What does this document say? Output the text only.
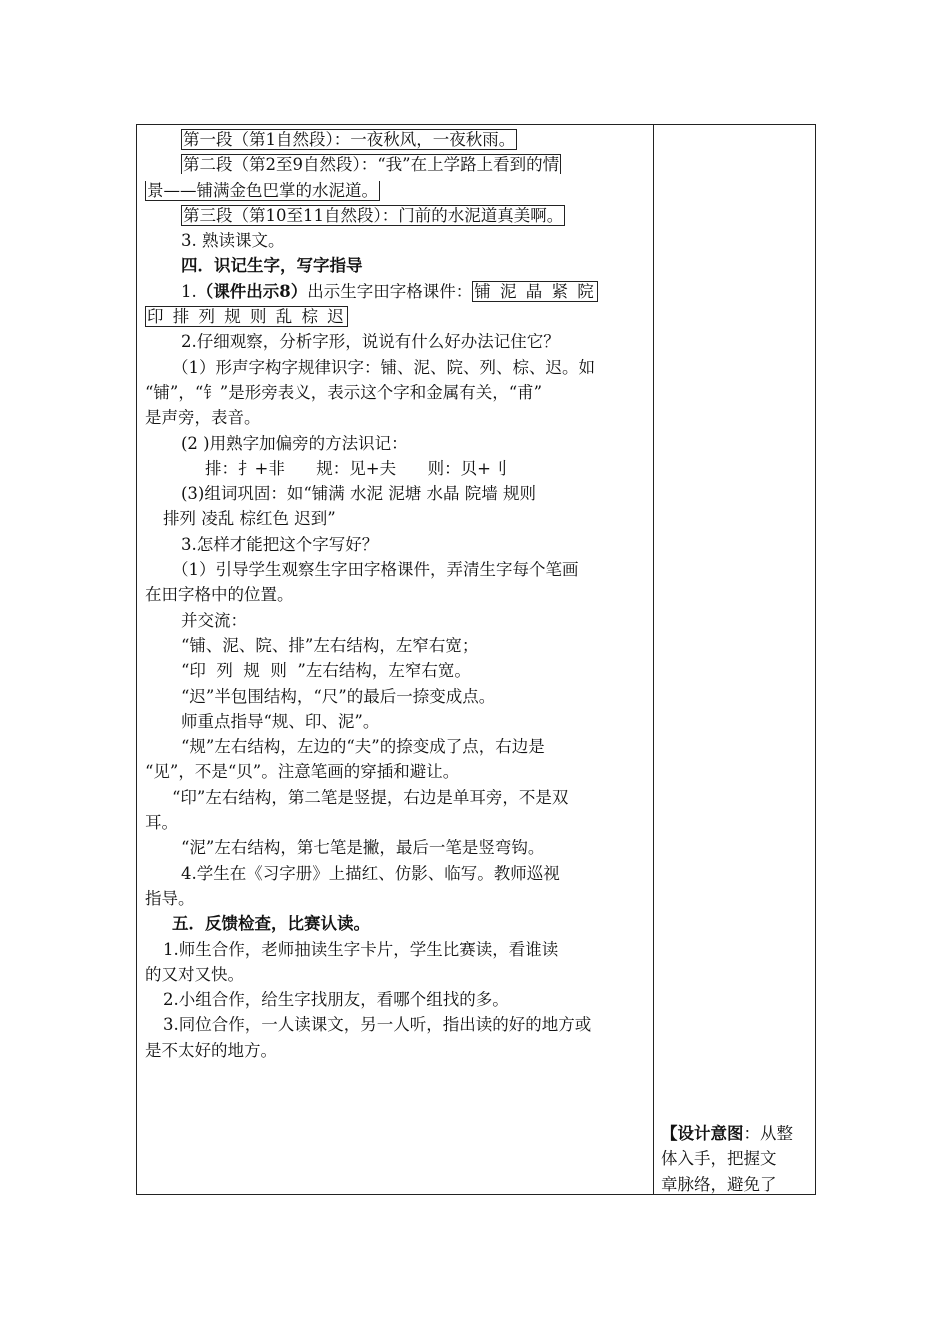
第一段（第1自然段）：一夜秋风，一夜秋雨。
第二段（第2至9自然段）：“我”在上学路上看到的情
景——铺满金色巴掌的水泥道。
第三段（第10至11自然段）：门前的水泥道真美啊。
3. 熟读课文。
四．识记生字，写字指导
1.（课件出示8）出示生字田字格课件： 铺 泥 晶 紧 院
印 排 列 规 则 乱 棕 迟
2.仔细观察，分析字形，说说有什么好办法记住它？
（1）形声字构字规律识字：铺、泥、院、列、棕、迟。如
“铺”，“钅”是形旁表义，表示这个字和金属有关，“甫”
是声旁，表音。
(2 )用熟字加偏旁的方法识记：
排：扌+非      规：见+夫      则：贝+刂
(3)组词巩固：如“铺满 水泥 泥塘 水晶 院墙 规则
排列 凌乱 棕红色 迟到”
3.怎样才能把这个字写好？
（1）引导学生观察生字田字格课件，弄清生字每个笔画
在田字格中的位置。
并交流：
“铺、泥、院、排”左右结构，左窄右宽；
“印  列  规  则  ”左右结构，左窄右宽。
“迟”半包围结构，“尺”的最后一捺变成点。
师重点指导“规、印、泥”。
“规”左右结构，左边的“夫”的捺变成了点，右边是
“见”，不是“贝”。注意笔画的穿插和避让。
“印”左右结构，第二笔是竖提，右边是单耳旁，不是双
耳。
“泥”左右结构，第七笔是撇，最后一笔是竖弯钩。
4.学生在《习字册》上描红、仿影、临写。教师巡视
指导。
五．反馈检查，比赛认读。
1.师生合作，老师抽读生字卡片，学生比赛读，看谁读
的又对又快。
2.小组合作，给生字找朋友，看哪个组找的多。
3.同位合作，一人读课文，另一人听，指出读的好的地方或
是不太好的地方。
【设计意图：从整
体入手，把握文
章脉络，避免了
